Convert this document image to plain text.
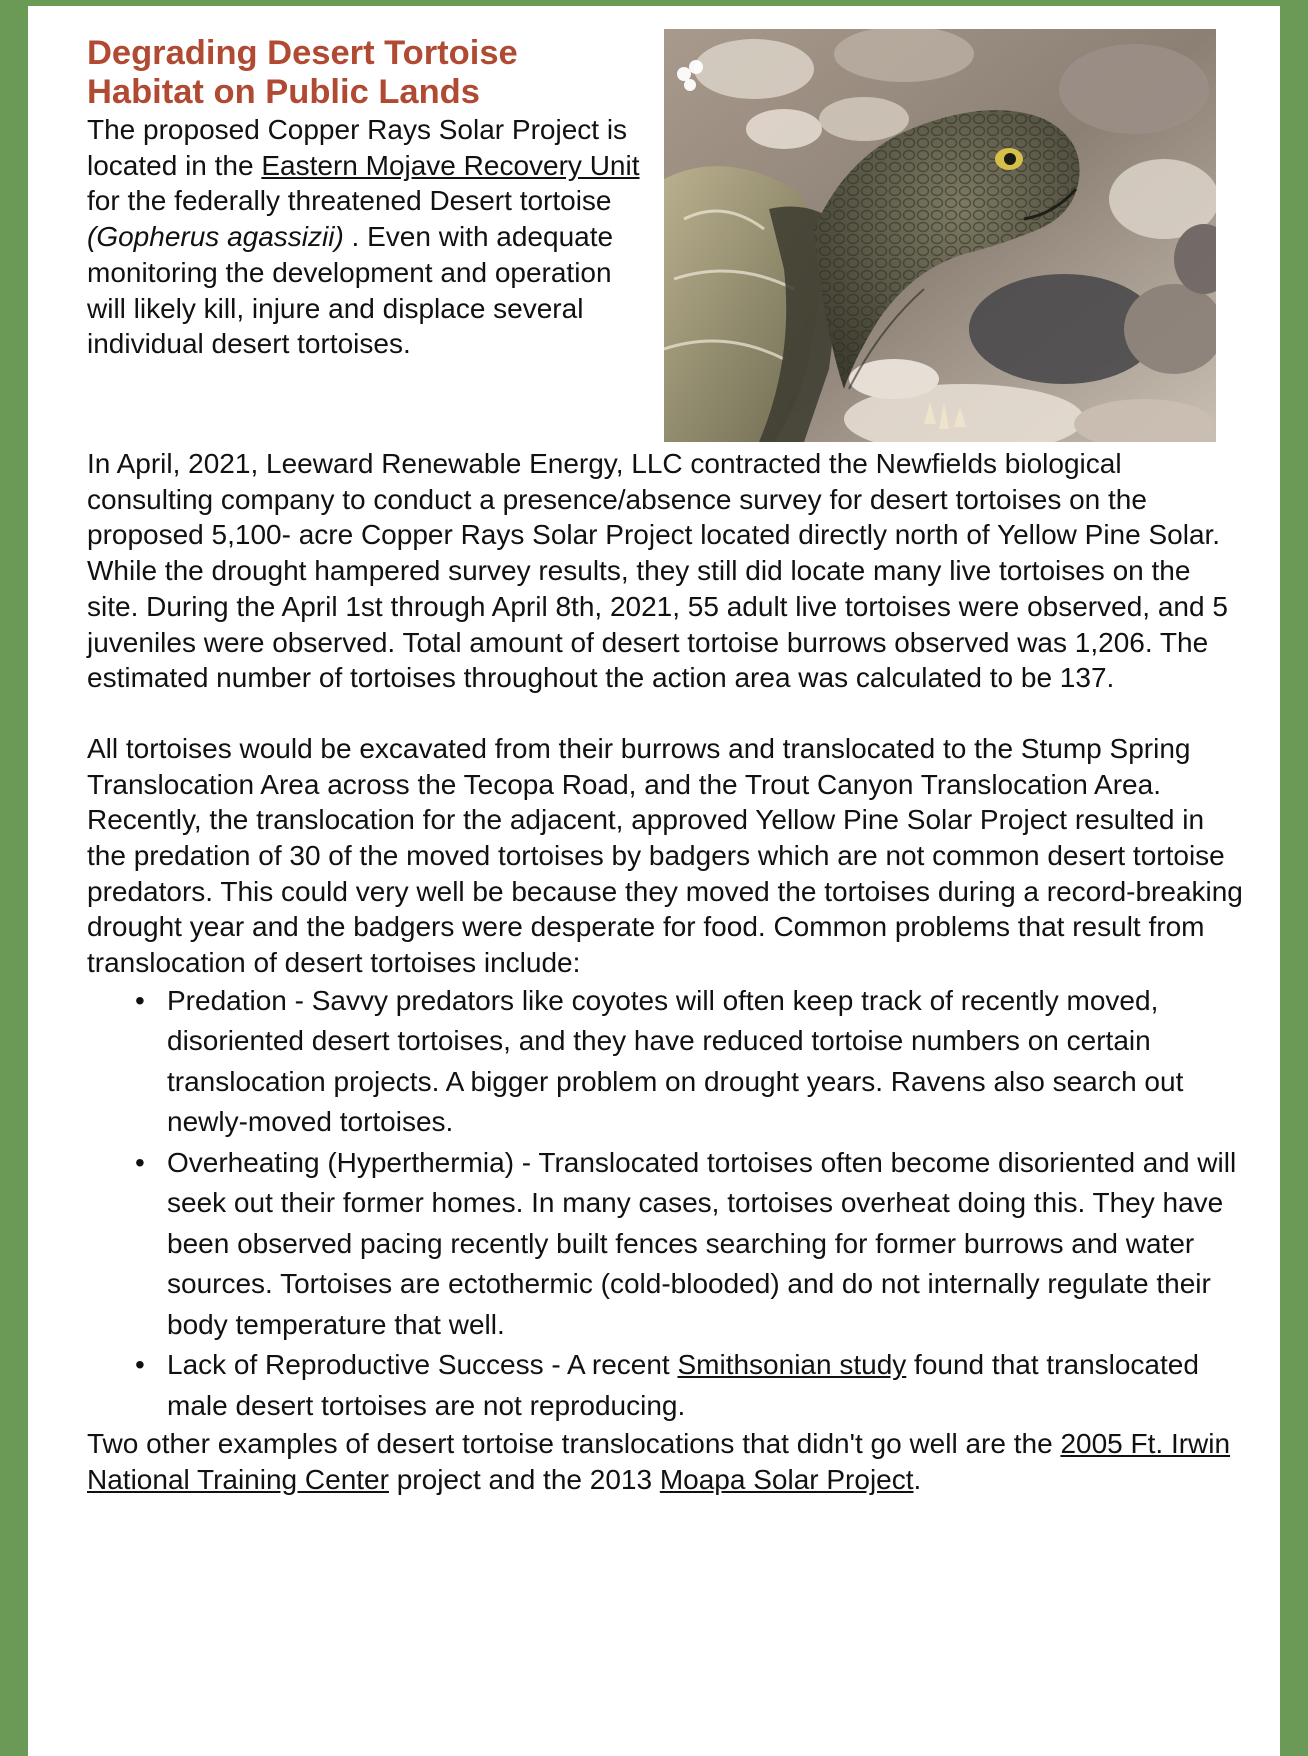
Degrading Desert Tortoise
Habitat on Public Lands

The proposed Copper Rays Solar Project is located in the Eastern Mojave Recovery Unit for the federally threatened Desert tortoise (Gopherus agassizii) . Even with adequate monitoring the development and operation will likely kill, injure and displace several individual desert tortoises.

In April, 2021, Leeward Renewable Energy, LLC contracted the Newfields biological consulting company to conduct a presence/absence survey for desert tortoises on the proposed 5,100- acre Copper Rays Solar Project located directly north of Yellow Pine Solar. While the drought hampered survey results, they still did locate many live tortoises on the site. During the April 1st through April 8th, 2021, 55 adult live tortoises were observed, and 5 juveniles were observed. Total amount of desert tortoise burrows observed was 1,206. The estimated number of tortoises throughout the action area was calculated to be 137.

All tortoises would be excavated from their burrows and translocated to the Stump Spring Translocation Area across the Tecopa Road, and the Trout Canyon Translocation Area. Recently, the translocation for the adjacent, approved Yellow Pine Solar Project resulted in the predation of 30 of the moved tortoises by badgers which are not common desert tortoise predators. This could very well be because they moved the tortoises during a record-breaking drought year and the badgers were desperate for food. Common problems that result from translocation of desert tortoises include:

• Predation - Savvy predators like coyotes will often keep track of recently moved, disoriented desert tortoises, and they have reduced tortoise numbers on certain translocation projects. A bigger problem on drought years. Ravens also search out newly-moved tortoises.
• Overheating (Hyperthermia) - Translocated tortoises often become disoriented and will seek out their former homes. In many cases, tortoises overheat doing this. They have been observed pacing recently built fences searching for former burrows and water sources. Tortoises are ectothermic (cold-blooded) and do not internally regulate their body temperature that well.
• Lack of Reproductive Success - A recent Smithsonian study found that translocated male desert tortoises are not reproducing.

Two other examples of desert tortoise translocations that didn't go well are the 2005 Ft. Irwin National Training Center project and the 2013 Moapa Solar Project.
